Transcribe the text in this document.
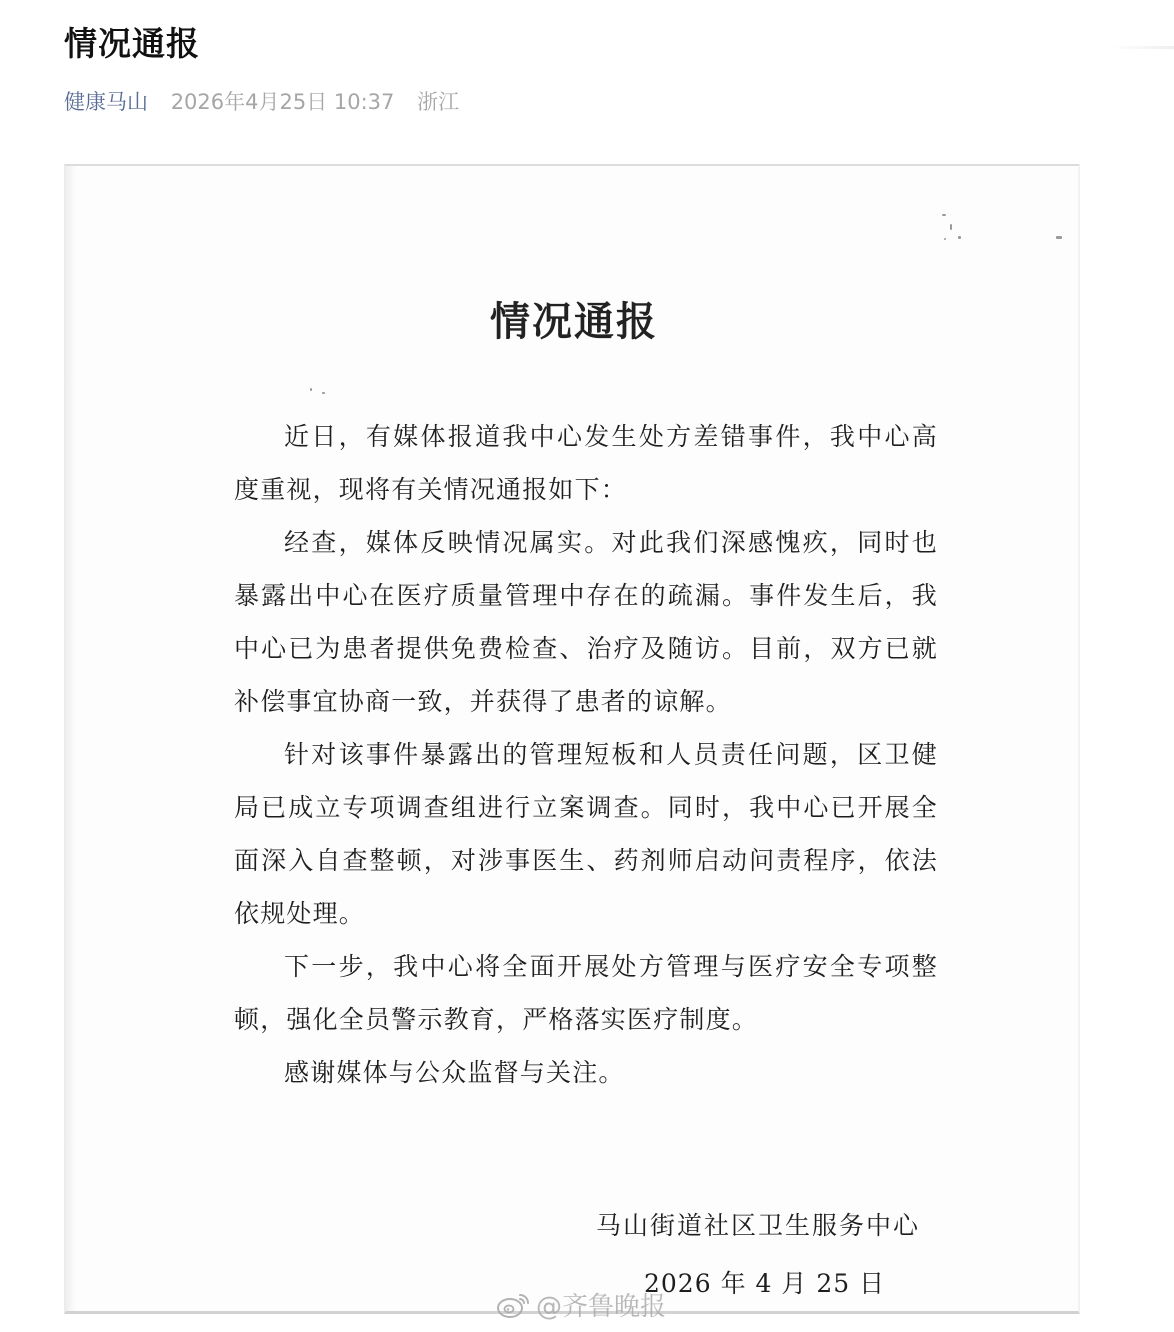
情况通报
健康马山 2026年4月25日 10:37 浙江
情况通报

近日，有媒体报道我中心发生处方差错事件，我中心高度重视，现将有关情况通报如下：

经查，媒体反映情况属实。对此我们深感愧疚，同时也暴露出中心在医疗质量管理中存在的疏漏。事件发生后，我中心已为患者提供免费检查、治疗及随访。目前，双方已就补偿事宜协商一致，并获得了患者的谅解。

针对该事件暴露出的管理短板和人员责任问题，区卫健局已成立专项调查组进行立案调查。同时，我中心已开展全面深入自查整顿，对涉事医生、药剂师启动问责程序，依法依规处理。

下一步，我中心将全面开展处方管理与医疗安全专项整顿，强化全员警示教育，严格落实医疗制度。

感谢媒体与公众监督与关注。

马山街道社区卫生服务中心
2026 年 4 月 25 日
@齐鲁晚报
